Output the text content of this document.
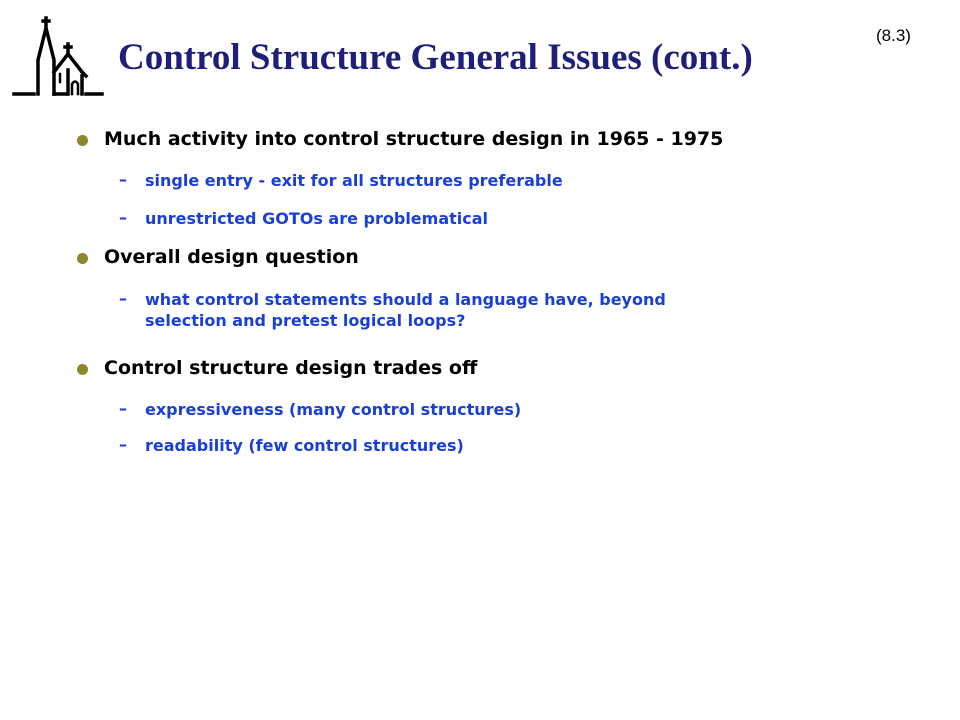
Control Structure General Issues (cont.)
(8.3)
Much activity into control structure design in 1965 - 1975
– single entry - exit for all structures preferable
– unrestricted GOTOs are problematical
Overall design question
– what control statements should a language have, beyond
selection and pretest logical loops?
Control structure design trades off
– expressiveness (many control structures)
– readability (few control structures)
